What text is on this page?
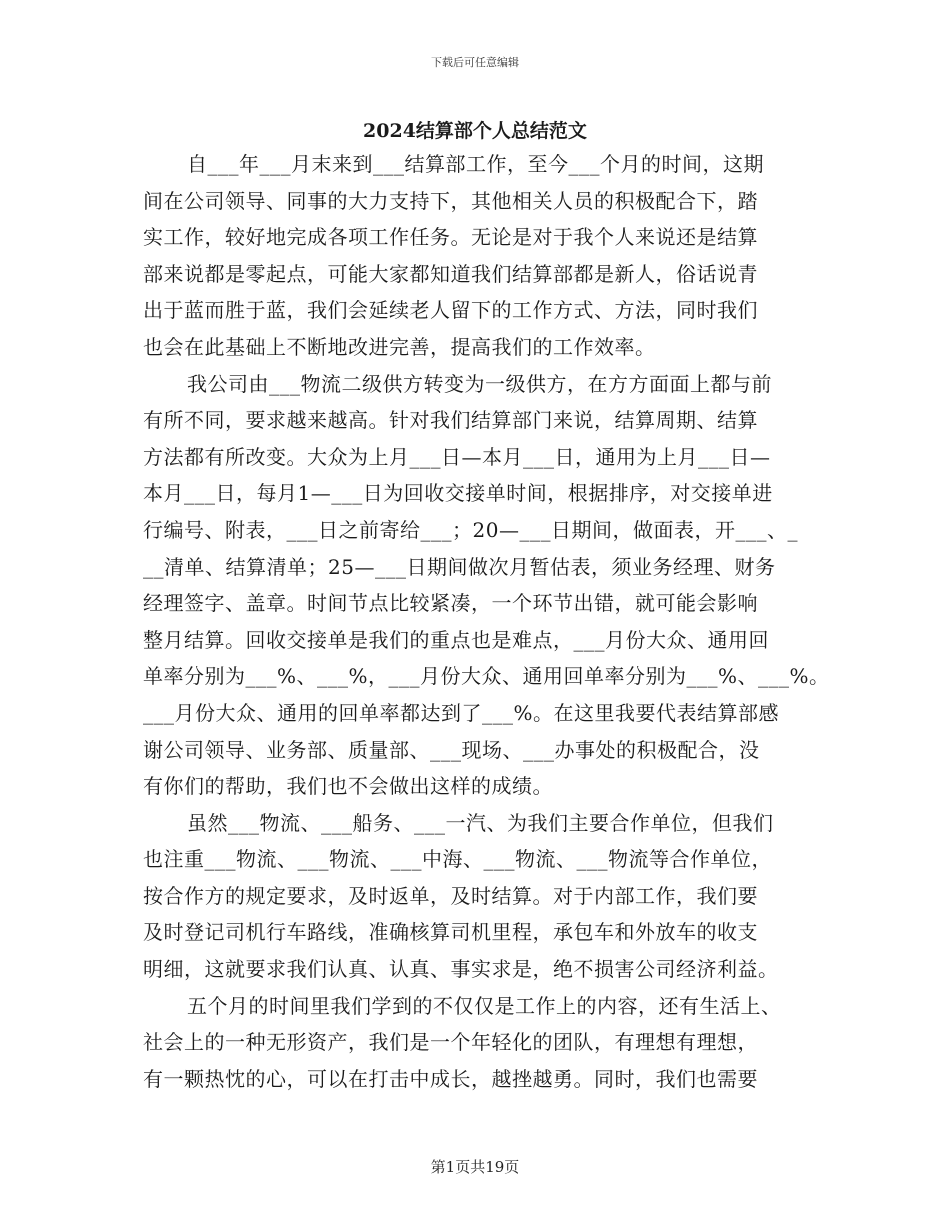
下载后可任意编辑
2024结算部个人总结范文
自___年___月末来到___结算部工作，至今___个月的时间，这期
间在公司领导、同事的大力支持下，其他相关人员的积极配合下，踏
实工作，较好地完成各项工作任务。无论是对于我个人来说还是结算
部来说都是零起点，可能大家都知道我们结算部都是新人，俗话说青
出于蓝而胜于蓝，我们会延续老人留下的工作方式、方法，同时我们
也会在此基础上不断地改进完善，提高我们的工作效率。
我公司由___物流二级供方转变为一级供方，在方方面面上都与前
有所不同，要求越来越高。针对我们结算部门来说，结算周期、结算
方法都有所改变。大众为上月___日—本月___日，通用为上月___日—
本月___日，每月1—___日为回收交接单时间，根据排序，对交接单进
行编号、附表，___日之前寄给___；20—___日期间，做面表，开___、_
__清单、结算清单；25—___日期间做次月暂估表，须业务经理、财务
经理签字、盖章。时间节点比较紧凑，一个环节出错，就可能会影响
整月结算。回收交接单是我们的重点也是难点，___月份大众、通用回
单率分别为___%、___%，___月份大众、通用回单率分别为___%、___%。
___月份大众、通用的回单率都达到了___%。在这里我要代表结算部感
谢公司领导、业务部、质量部、___现场、___办事处的积极配合，没
有你们的帮助，我们也不会做出这样的成绩。
虽然___物流、___船务、___一汽、为我们主要合作单位，但我们
也注重___物流、___物流、___中海、___物流、___物流等合作单位，
按合作方的规定要求，及时返单，及时结算。对于内部工作，我们要
及时登记司机行车路线，准确核算司机里程，承包车和外放车的收支
明细，这就要求我们认真、认真、事实求是，绝不损害公司经济利益。
五个月的时间里我们学到的不仅仅是工作上的内容，还有生活上、
社会上的一种无形资产，我们是一个年轻化的团队，有理想有理想，
有一颗热忱的心，可以在打击中成长，越挫越勇。同时，我们也需要
第1页共19页
